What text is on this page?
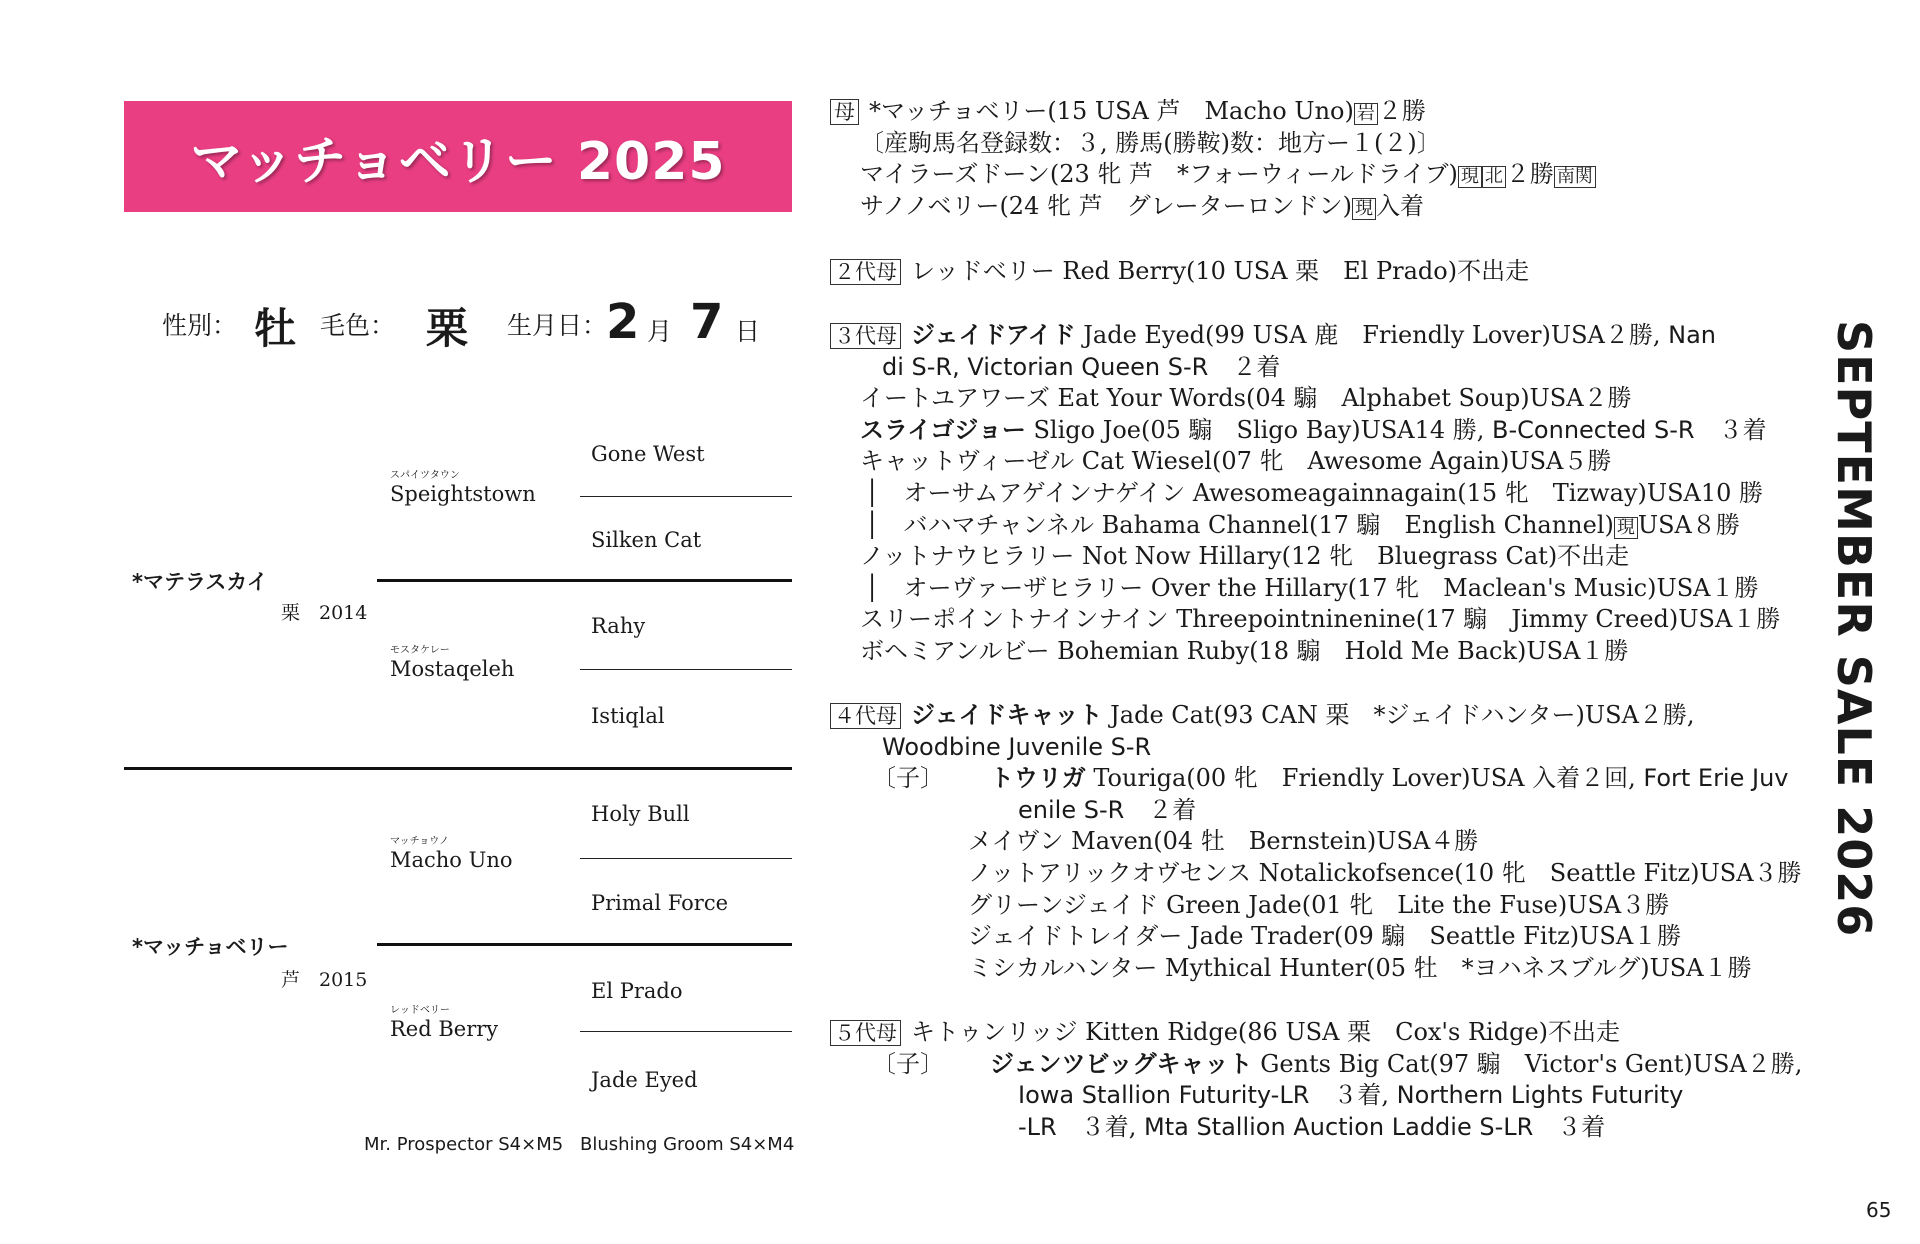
マッチョベリー 2025
性別： 牡 毛色： 栗 生月日：
2 月 7 日
スパイツタウン
Speightstown
Gone West
Silken Cat
*マテラスカイ
栗　2014
モスタケレー
Mostaqeleh
Rahy
Istiqlal
マッチョウノ
Macho Uno
Holy Bull
Primal Force
*マッチョベリー
芦　2015
レッドベリー
Red Berry
El Prado
Jade Eyed
Mr. Prospector S4×M5 Blushing Groom S4×M4
母 *マッチョベリー(15 USA 芦　Macho Uno) 岩 ２勝
〔産駒馬名登録数：３, 勝馬(勝鞍)数：地方ー１(２)〕
マイラーズドーン(23 牝 芦　*フォーウィールドライブ) 現 北 ２勝 南関
サノノベリー(24 牝 芦　グレーターロンドン) 現 入着
２代母 レッドベリー Red Berry(10 USA 栗　El Prado)不出走
３代母 ジェイドアイド Jade Eyed(99 USA 鹿　Friendly Lover)USA２勝, Nan
di S-R, Victorian Queen S-R　２着
イートユアワーズ Eat Your Words(04 騸　Alphabet Soup)USA２勝
スライゴジョー Sligo Joe(05 騸　Sligo Bay)USA14 勝, B-Connected S-R　３着
キャットヴィーゼル Cat Wiesel(07 牝　Awesome Again)USA５勝
│　オーサムアゲインナゲイン Awesomeagainnagain(15 牝　Tizway)USA10 勝
│　バハマチャンネル Bahama Channel(17 騸　English Channel) 現 USA８勝
ノットナウヒラリー Not Now Hillary(12 牝　Bluegrass Cat)不出走
│　オーヴァーザヒラリー Over the Hillary(17 牝　Maclean's Music)USA１勝
スリーポイントナインナイン Threepointninenine(17 騸　Jimmy Creed)USA１勝
ボヘミアンルビー Bohemian Ruby(18 騸　Hold Me Back)USA１勝
４代母 ジェイドキャット Jade Cat(93 CAN 栗　*ジェイドハンター)USA２勝,
Woodbine Juvenile S-R
〔子〕 トウリガ Touriga(00 牝　Friendly Lover)USA 入着２回, Fort Erie Juv
enile S-R　２着
メイヴン Maven(04 牡　Bernstein)USA４勝
ノットアリックオヴセンス Notalickofsence(10 牝　Seattle Fitz)USA３勝
グリーンジェイド Green Jade(01 牝　Lite the Fuse)USA３勝
ジェイドトレイダー Jade Trader(09 騸　Seattle Fitz)USA１勝
ミシカルハンター Mythical Hunter(05 牡　*ヨハネスブルグ)USA１勝
５代母 キトゥンリッジ Kitten Ridge(86 USA 栗　Cox's Ridge)不出走
〔子〕 ジェンツビッグキャット Gents Big Cat(97 騸　Victor's Gent)USA２勝,
Iowa Stallion Futurity-LR　３着, Northern Lights Futurity
-LR　３着, Mta Stallion Auction Laddie S-LR　３着
SEPTEMBER SALE 2026
65
